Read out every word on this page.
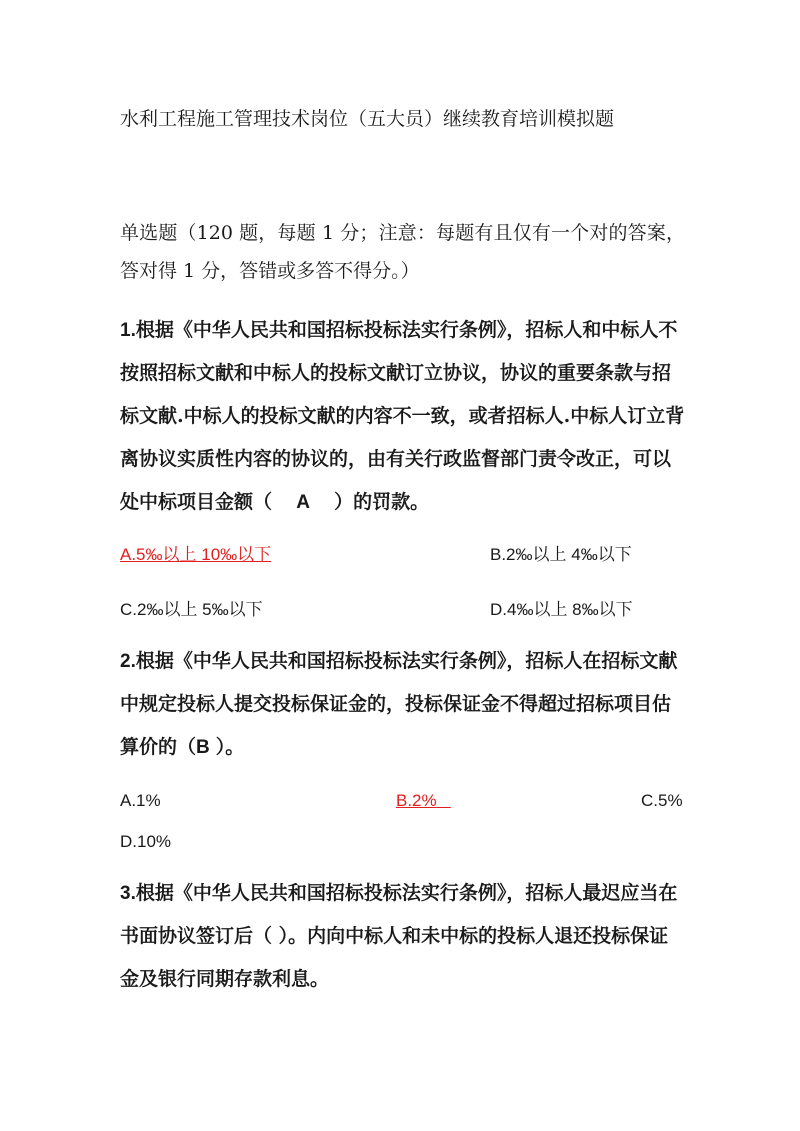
水利工程施工管理技术岗位（五大员）继续教育培训模拟题
单选题（120 题，每题 1 分；注意：每题有且仅有一个对的答案，答对得 1 分，答错或多答不得分。）
1.根据《中华人民共和国招标投标法实行条例》，招标人和中标人不按照招标文献和中标人的投标文献订立协议，协议的重要条款与招标文献.中标人的投标文献的内容不一致，或者招标人.中标人订立背离协议实质性内容的协议的，由有关行政监督部门责令改正，可以处中标项目金额（ A ）的罚款。
A.5‰以上 10‰以下	B.2‰以上 4‰以下
C.2‰以上 5‰以下	D.4‰以上 8‰以下
2.根据《中华人民共和国招标投标法实行条例》，招标人在招标文献中规定投标人提交投标保证金的，投标保证金不得超过招标项目估算价的（B ）。
A.1%	B.2%	C.5%
D.10%
3.根据《中华人民共和国招标投标法实行条例》，招标人最迟应当在书面协议签订后（ ）。内向中标人和未中标的投标人退还投标保证金及银行同期存款利息。
